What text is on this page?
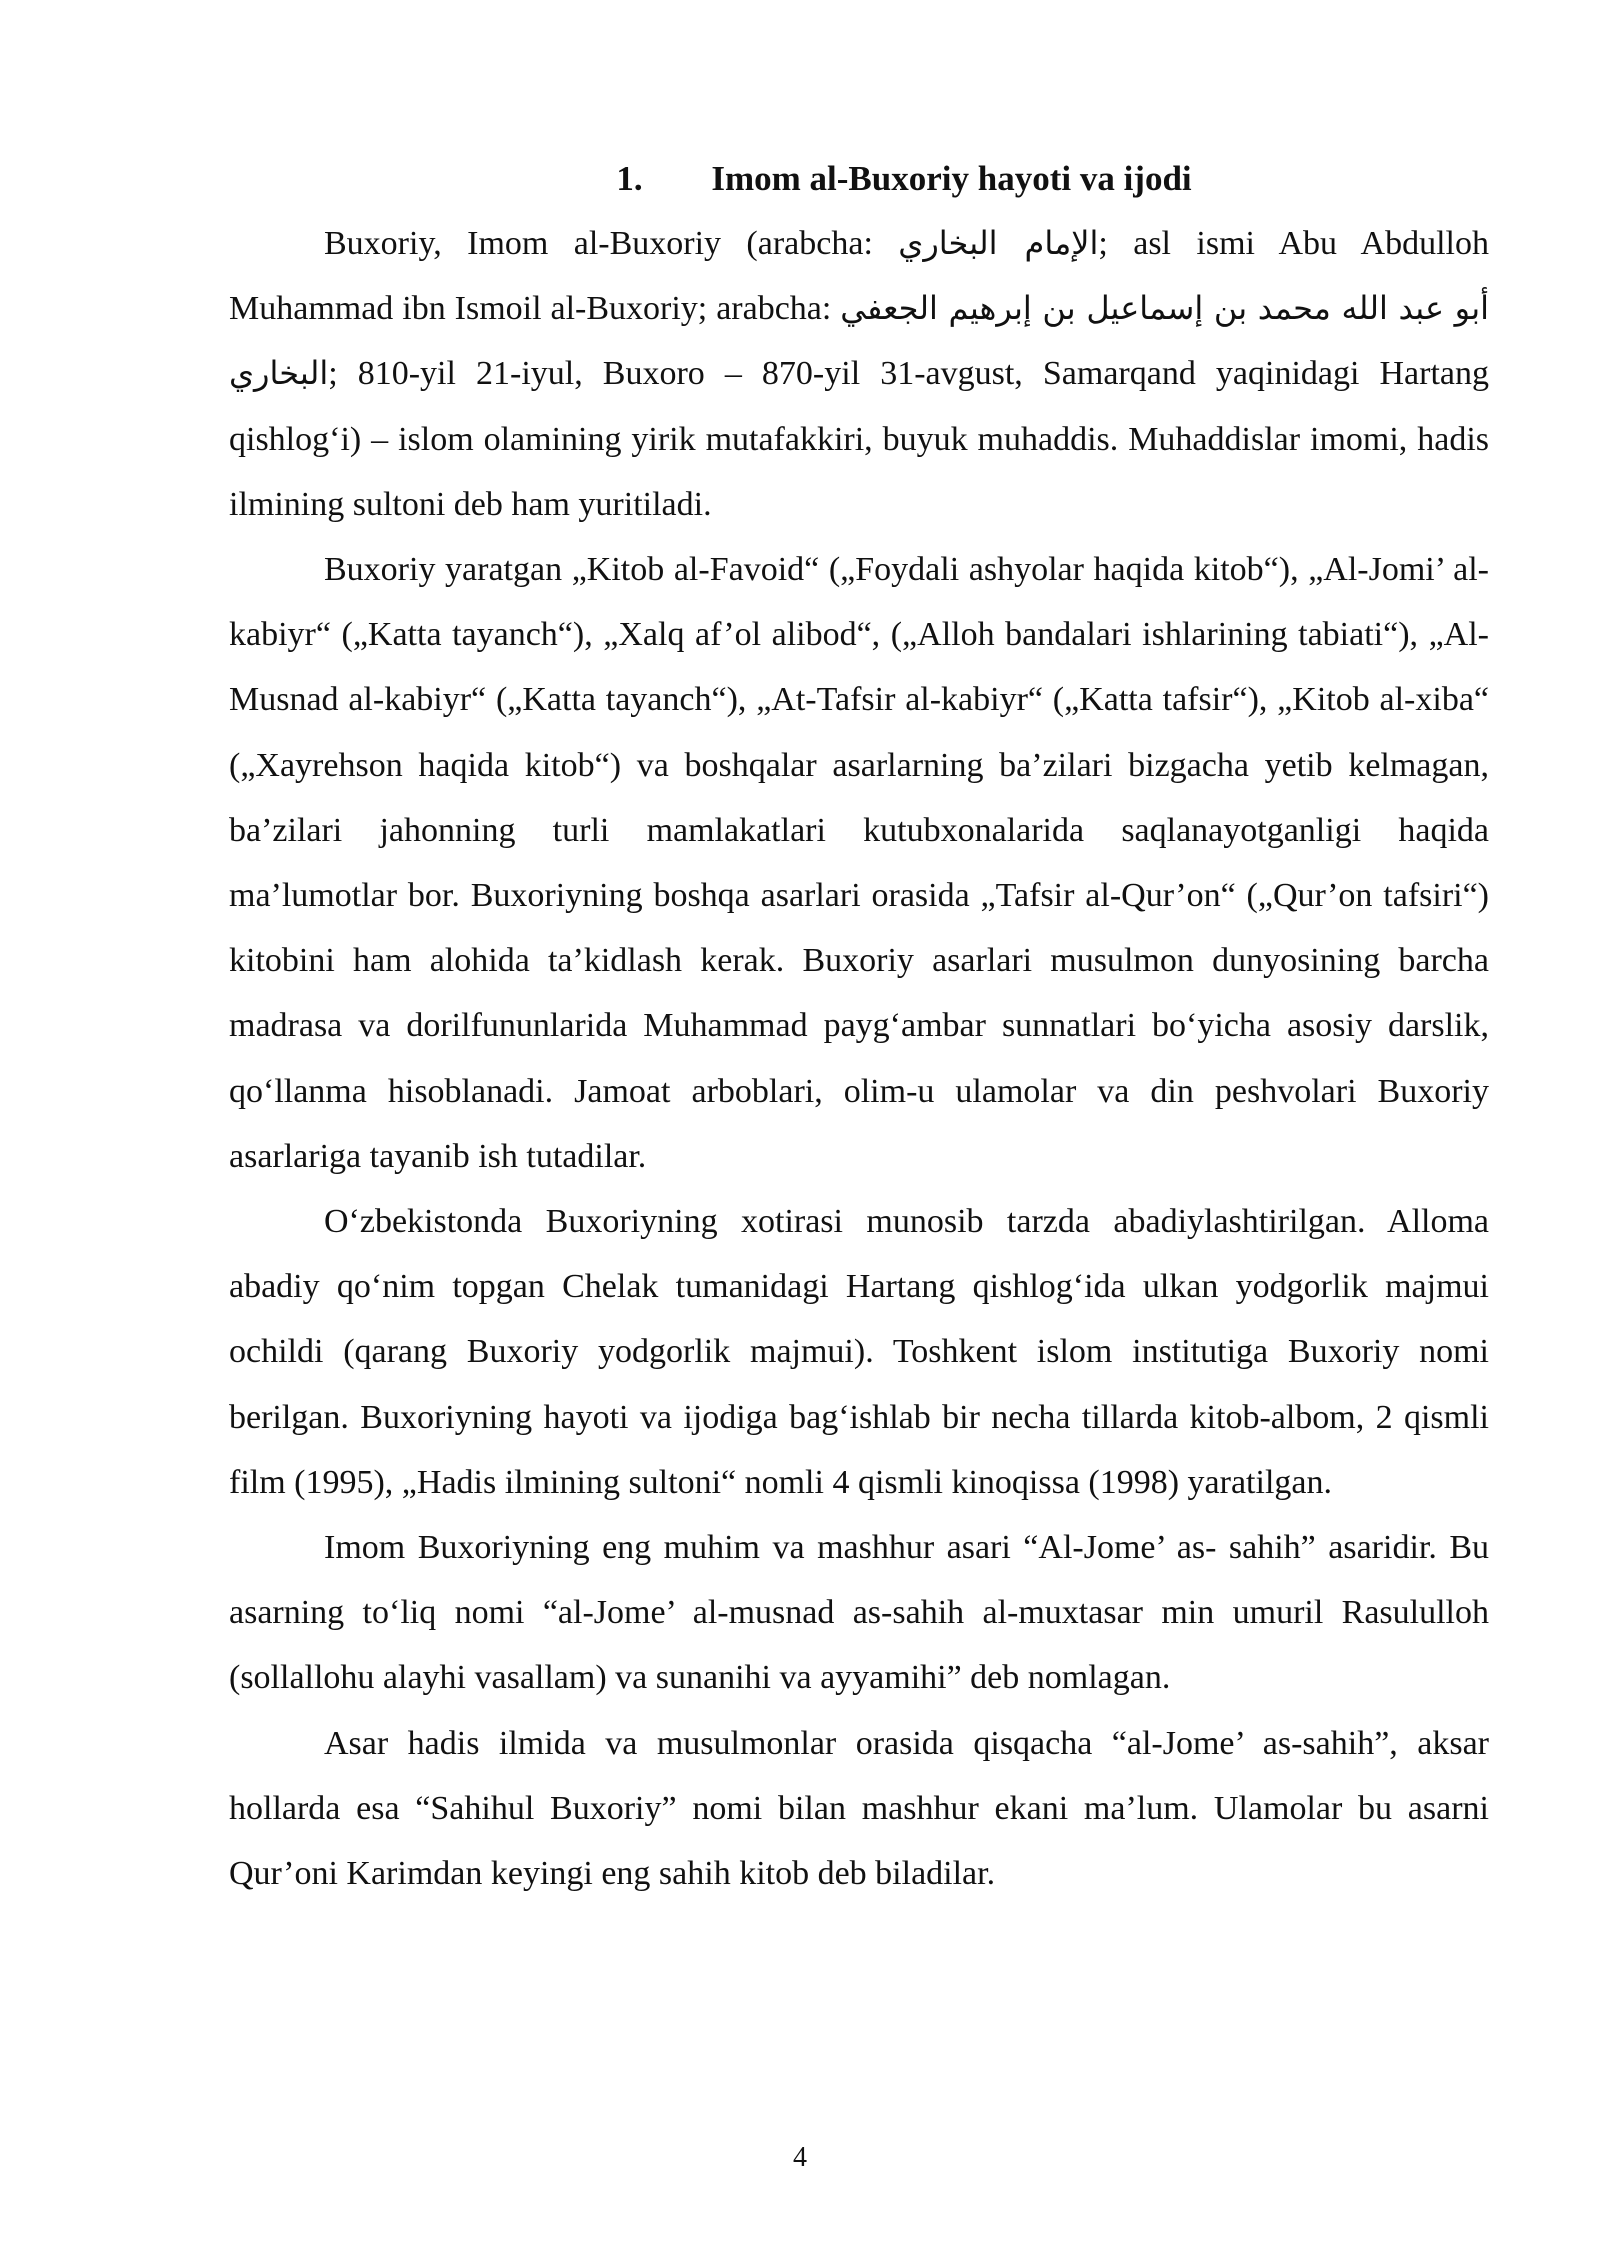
1. Imom al-Buxoriy hayoti va ijodi

Buxoriy, Imom al-Buxoriy (arabcha: الإمام البخاري; asl ismi Abu Abdulloh Muhammad ibn Ismoil al-Buxoriy; arabcha: أبو عبد الله محمد بن إسماعيل بن إبرهيم الجعفي البخاري; 810-yil 21-iyul, Buxoro – 870-yil 31-avgust, Samarqand yaqinidagi Hartang qishlog‘i) – islom olamining yirik mutafakkiri, buyuk muhaddis. Muhaddislar imomi, hadis ilmining sultoni deb ham yuritiladi.

Buxoriy yaratgan „Kitob al-Favoid“ („Foydali ashyolar haqida kitob“), „Al-Jomi’ al-kabiyr“ („Katta tayanch“), „Xalq af’ol alibod“, („Alloh bandalari ishlarining tabiati“), „Al-Musnad al-kabiyr“ („Katta tayanch“), „At-Tafsir al-kabiyr“ („Katta tafsir“), „Kitob al-xiba“ („Xayrehson haqida kitob“) va boshqalar asarlarning ba’zilari bizgacha yetib kelmagan, ba’zilari jahonning turli mamlakatlari kutubxonalarida saqlanayotganligi haqida ma’lumotlar bor. Buxoriyning boshqa asarlari orasida „Tafsir al-Qur’on“ („Qur’on tafsiri“) kitobini ham alohida ta’kidlash kerak. Buxoriy asarlari musulmon dunyosining barcha madrasa va dorilfununlarida Muhammad payg‘ambar sunnatlari bo‘yicha asosiy darslik, qo‘llanma hisoblanadi. Jamoat arboblari, olim-u ulamolar va din peshvolari Buxoriy asarlariga tayanib ish tutadilar.

O‘zbekistonda Buxoriyning xotirasi munosib tarzda abadiylashtirilgan. Alloma abadiy qo‘nim topgan Chelak tumanidagi Hartang qishlog‘ida ulkan yodgorlik majmui ochildi (qarang Buxoriy yodgorlik majmui). Toshkent islom institutiga Buxoriy nomi berilgan. Buxoriyning hayoti va ijodiga bag‘ishlab bir necha tillarda kitob-albom, 2 qismli film (1995), „Hadis ilmining sultoni“ nomli 4 qismli kinoqissa (1998) yaratilgan.

Imom Buxoriyning eng muhim va mashhur asari “Al-Jome’ as- sahih” asaridir. Bu asarning to‘liq nomi “al-Jome’ al-musnad as-sahih al-muxtasar min umuril Rasululloh (sollallohu alayhi vasallam) va sunanihi va ayyamihi” deb nomlagan.

Asar hadis ilmida va musulmonlar orasida qisqacha “al-Jome’ as-sahih”, aksar hollarda esa “Sahihul Buxoriy” nomi bilan mashhur ekani ma’lum. Ulamolar bu asarni Qur’oni Karimdan keyingi eng sahih kitob deb biladilar.

4
